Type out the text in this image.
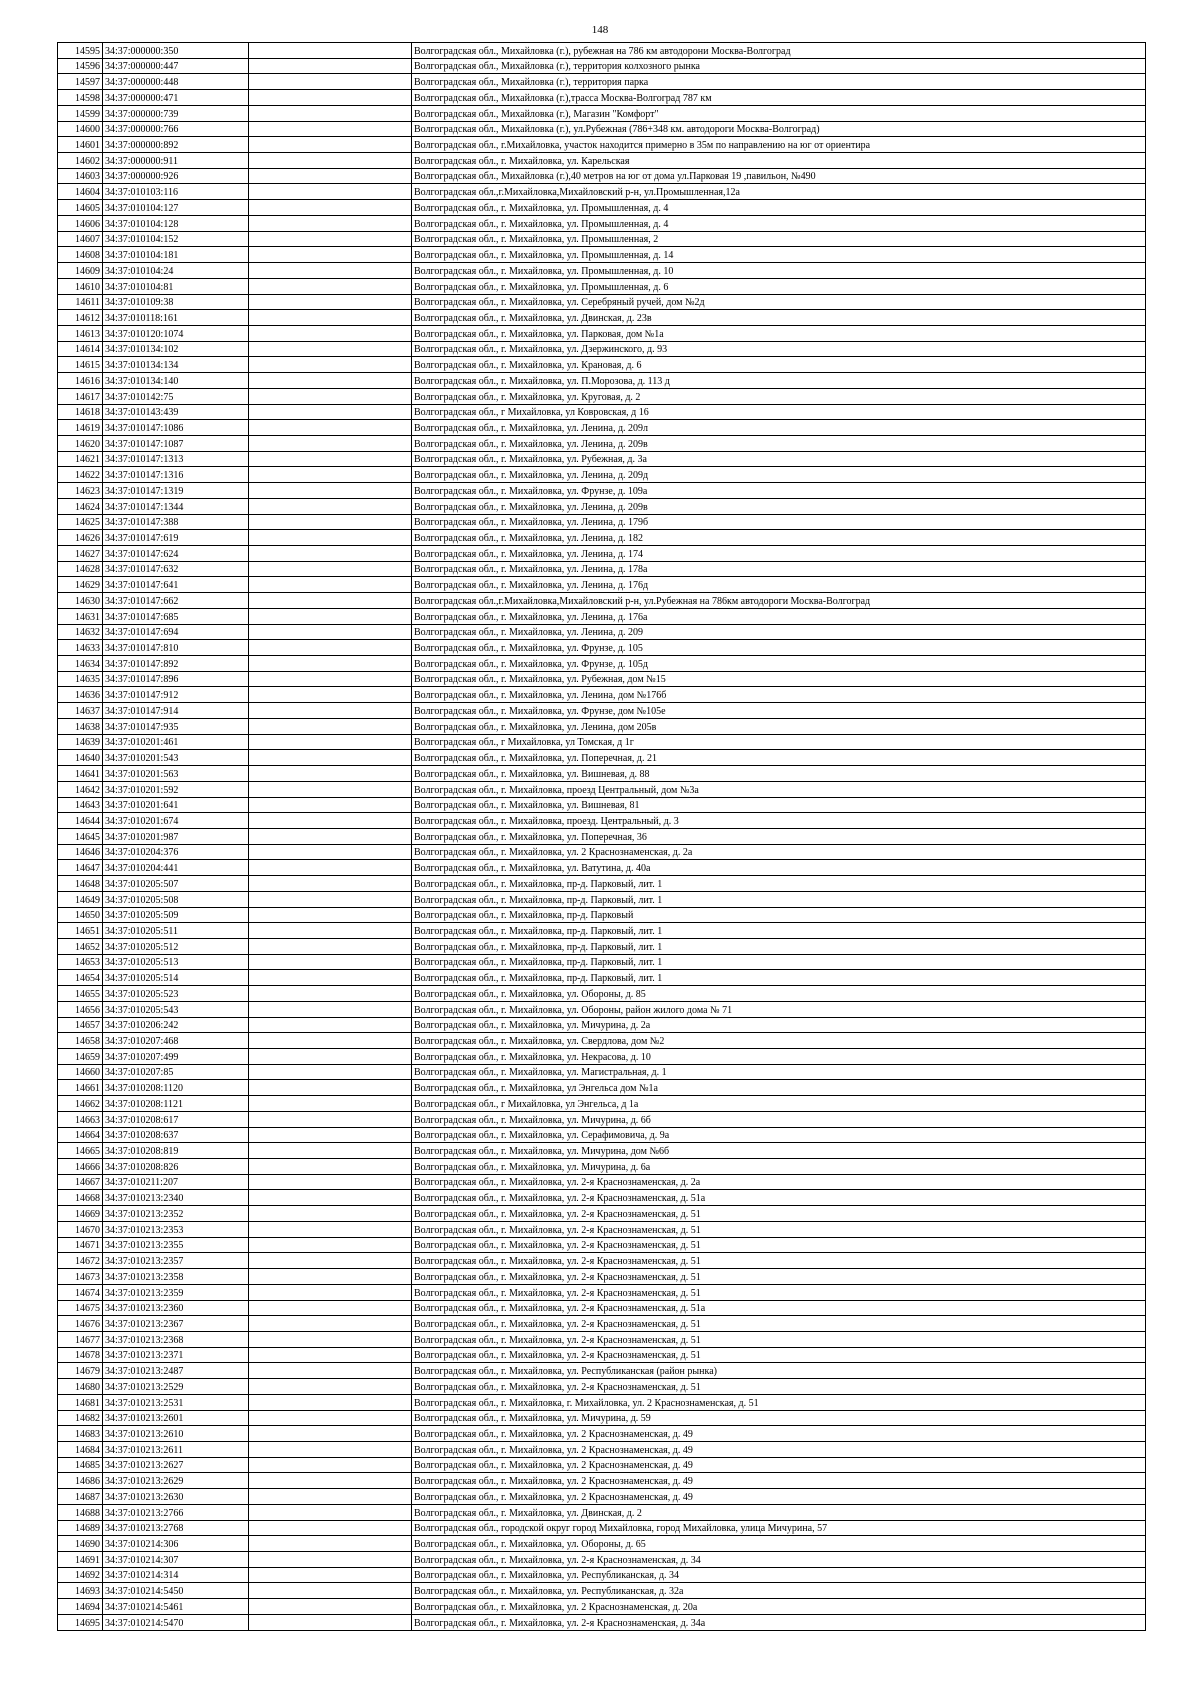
148
14595	34:37:000000:350		Волгоградская обл., Михайловка (г.), рубежная на 786 км автодорони Москва-Волгоград
14596	34:37:000000:447		Волгоградская обл., Михайловка (г.), территория колхозного рынка
14597	34:37:000000:448		Волгоградская обл., Михайловка (г.), территория парка
14598	34:37:000000:471		Волгоградская обл., Михайловка (г.),трасса Москва-Волгоград 787 км
14599	34:37:000000:739		Волгоградская обл., Михайловка (г.), Магазин "Комфорт"
14600	34:37:000000:766		Волгоградская обл., Михайловка (г.), ул.Рубежная (786+348 км. автодороги Москва-Волгоград)
14601	34:37:000000:892		Волгоградская обл., г.Михайловка, участок находится примерно в 35м по направлению на юг от ориентира
14602	34:37:000000:911		Волгоградская обл., г. Михайловка, ул. Карельская
14603	34:37:000000:926		Волгоградская обл., Михайловка (г.),40 метров на юг от дома ул.Парковая 19 ,павильон, №490
14604	34:37:010103:116		Волгоградская обл.,г.Михайловка,Михайловский р-н, ул.Промышленная,12а
14605	34:37:010104:127		Волгоградская обл., г. Михайловка, ул. Промышленная, д. 4
14606	34:37:010104:128		Волгоградская обл., г. Михайловка, ул. Промышленная, д. 4
14607	34:37:010104:152		Волгоградская обл., г. Михайловка, ул. Промышленная, 2
14608	34:37:010104:181		Волгоградская обл., г. Михайловка, ул. Промышленная, д. 14
14609	34:37:010104:24		Волгоградская обл., г. Михайловка, ул. Промышленная, д. 10
14610	34:37:010104:81		Волгоградская обл., г. Михайловка, ул. Промышленная, д. 6
14611	34:37:010109:38		Волгоградская обл., г. Михайловка, ул. Серебряный ручей, дом №2д
14612	34:37:010118:161		Волгоградская обл., г. Михайловка, ул. Двинская, д. 23в
14613	34:37:010120:1074		Волгоградская обл., г. Михайловка, ул. Парковая, дом №1а
14614	34:37:010134:102		Волгоградская обл., г. Михайловка, ул. Дзержинского, д. 93
14615	34:37:010134:134		Волгоградская обл., г. Михайловка, ул. Крановая, д. 6
14616	34:37:010134:140		Волгоградская обл., г. Михайловка, ул. П.Морозова, д. 113 д
14617	34:37:010142:75		Волгоградская обл., г. Михайловка, ул. Круговая, д. 2
14618	34:37:010143:439		Волгоградская обл., г Михайловка, ул Ковровская, д 16
14619	34:37:010147:1086		Волгоградская обл., г. Михайловка, ул. Ленина, д. 209л
14620	34:37:010147:1087		Волгоградская обл., г. Михайловка, ул. Ленина, д. 209в
14621	34:37:010147:1313		Волгоградская обл., г. Михайловка, ул. Рубежная, д. 3а
14622	34:37:010147:1316		Волгоградская обл., г. Михайловка, ул. Ленина, д. 209д
14623	34:37:010147:1319		Волгоградская обл., г. Михайловка, ул. Фрунзе, д. 109а
14624	34:37:010147:1344		Волгоградская обл., г. Михайловка, ул. Ленина, д. 209в
14625	34:37:010147:388		Волгоградская обл., г. Михайловка, ул. Ленина, д. 179б
14626	34:37:010147:619		Волгоградская обл., г. Михайловка, ул. Ленина, д. 182
14627	34:37:010147:624		Волгоградская обл., г. Михайловка, ул. Ленина, д. 174
14628	34:37:010147:632		Волгоградская обл., г. Михайловка, ул. Ленина, д. 178а
14629	34:37:010147:641		Волгоградская обл., г. Михайловка, ул. Ленина, д. 176д
14630	34:37:010147:662		Волгоградская обл.,г.Михайловка,Михайловский р-н, ул.Рубежная на 786км автодороги Москва-Волгоград
14631	34:37:010147:685		Волгоградская обл., г. Михайловка, ул. Ленина, д. 176а
14632	34:37:010147:694		Волгоградская обл., г. Михайловка, ул. Ленина, д. 209
14633	34:37:010147:810		Волгоградская обл., г. Михайловка, ул. Фрунзе, д. 105
14634	34:37:010147:892		Волгоградская обл., г. Михайловка, ул. Фрунзе, д. 105д
14635	34:37:010147:896		Волгоградская обл., г. Михайловка, ул. Рубежная, дом №15
14636	34:37:010147:912		Волгоградская обл., г. Михайловка, ул. Ленина, дом №176б
14637	34:37:010147:914		Волгоградская обл., г. Михайловка, ул. Фрунзе, дом №105е
14638	34:37:010147:935		Волгоградская обл., г. Михайловка, ул. Ленина, дом 205в
14639	34:37:010201:461		Волгоградская обл., г Михайловка, ул Томская, д 1г
14640	34:37:010201:543		Волгоградская обл., г. Михайловка, ул. Поперечная, д. 21
14641	34:37:010201:563		Волгоградская обл., г. Михайловка, ул. Вишневая, д. 88
14642	34:37:010201:592		Волгоградская обл., г. Михайловка, проезд Центральный, дом №3а
14643	34:37:010201:641		Волгоградская обл., г. Михайловка, ул. Вишневая, 81
14644	34:37:010201:674		Волгоградская обл., г. Михайловка, проезд. Центральный, д. 3
14645	34:37:010201:987		Волгоградская обл., г. Михайловка, ул. Поперечная, 36
14646	34:37:010204:376		Волгоградская обл., г. Михайловка, ул. 2 Краснознаменская, д. 2а
14647	34:37:010204:441		Волгоградская обл., г. Михайловка, ул. Ватутина, д. 40а
14648	34:37:010205:507		Волгоградская обл., г. Михайловка, пр-д. Парковый, лит. 1
14649	34:37:010205:508		Волгоградская обл., г. Михайловка, пр-д. Парковый, лит. 1
14650	34:37:010205:509		Волгоградская обл., г. Михайловка, пр-д. Парковый
14651	34:37:010205:511		Волгоградская обл., г. Михайловка, пр-д. Парковый, лит. 1
14652	34:37:010205:512		Волгоградская обл., г. Михайловка, пр-д. Парковый, лит. 1
14653	34:37:010205:513		Волгоградская обл., г. Михайловка, пр-д. Парковый, лит. 1
14654	34:37:010205:514		Волгоградская обл., г. Михайловка, пр-д. Парковый, лит. 1
14655	34:37:010205:523		Волгоградская обл., г. Михайловка, ул. Обороны, д. 85
14656	34:37:010205:543		Волгоградская обл., г. Михайловка, ул. Обороны, район жилого дома № 71
14657	34:37:010206:242		Волгоградская обл., г. Михайловка, ул. Мичурина, д. 2а
14658	34:37:010207:468		Волгоградская обл., г. Михайловка, ул. Свердлова, дом №2
14659	34:37:010207:499		Волгоградская обл., г. Михайловка, ул. Некрасова, д. 10
14660	34:37:010207:85		Волгоградская обл., г. Михайловка, ул. Магистральная, д. 1
14661	34:37:010208:1120		Волгоградская обл., г. Михайловка, ул Энгельса дом №1а
14662	34:37:010208:1121		Волгоградская обл., г Михайловка, ул Энгельса, д 1а
14663	34:37:010208:617		Волгоградская обл., г. Михайловка, ул. Мичурина, д. 6б
14664	34:37:010208:637		Волгоградская обл., г. Михайловка, ул. Серафимовича, д. 9а
14665	34:37:010208:819		Волгоградская обл., г. Михайловка, ул. Мичурина, дом №6б
14666	34:37:010208:826		Волгоградская обл., г. Михайловка, ул. Мичурина, д. 6а
14667	34:37:010211:207		Волгоградская обл., г. Михайловка, ул. 2-я Краснознаменская, д. 2а
14668	34:37:010213:2340		Волгоградская обл., г. Михайловка, ул. 2-я Краснознаменская, д. 51а
14669	34:37:010213:2352		Волгоградская обл., г. Михайловка, ул. 2-я Краснознаменская, д. 51
14670	34:37:010213:2353		Волгоградская обл., г. Михайловка, ул. 2-я Краснознаменская, д. 51
14671	34:37:010213:2355		Волгоградская обл., г. Михайловка, ул. 2-я Краснознаменская, д. 51
14672	34:37:010213:2357		Волгоградская обл., г. Михайловка, ул. 2-я Краснознаменская, д. 51
14673	34:37:010213:2358		Волгоградская обл., г. Михайловка, ул. 2-я Краснознаменская, д. 51
14674	34:37:010213:2359		Волгоградская обл., г. Михайловка, ул. 2-я Краснознаменская, д. 51
14675	34:37:010213:2360		Волгоградская обл., г. Михайловка, ул. 2-я Краснознаменская, д. 51а
14676	34:37:010213:2367		Волгоградская обл., г. Михайловка, ул. 2-я Краснознаменская, д. 51
14677	34:37:010213:2368		Волгоградская обл., г. Михайловка, ул. 2-я Краснознаменская, д. 51
14678	34:37:010213:2371		Волгоградская обл., г. Михайловка, ул. 2-я Краснознаменская, д. 51
14679	34:37:010213:2487		Волгоградская обл., г. Михайловка, ул. Республиканская (район рынка)
14680	34:37:010213:2529		Волгоградская обл., г. Михайловка, ул. 2-я Краснознаменская, д. 51
14681	34:37:010213:2531		Волгоградская обл., г. Михайловка, г. Михайловка, ул. 2 Краснознаменская, д. 51
14682	34:37:010213:2601		Волгоградская обл., г. Михайловка, ул. Мичурина, д. 59
14683	34:37:010213:2610		Волгоградская обл., г. Михайловка, ул. 2 Краснознаменская, д. 49
14684	34:37:010213:2611		Волгоградская обл., г. Михайловка, ул. 2 Краснознаменская, д. 49
14685	34:37:010213:2627		Волгоградская обл., г. Михайловка, ул. 2 Краснознаменская, д. 49
14686	34:37:010213:2629		Волгоградская обл., г. Михайловка, ул. 2 Краснознаменская, д. 49
14687	34:37:010213:2630		Волгоградская обл., г. Михайловка, ул. 2 Краснознаменская, д. 49
14688	34:37:010213:2766		Волгоградская обл., г. Михайловка, ул. Двинская, д. 2
14689	34:37:010213:2768		Волгоградская обл., городской округ город Михайловка, город Михайловка, улица Мичурина, 57
14690	34:37:010214:306		Волгоградская обл., г. Михайловка, ул. Обороны, д. 65
14691	34:37:010214:307		Волгоградская обл., г. Михайловка, ул. 2-я Краснознаменская, д. 34
14692	34:37:010214:314		Волгоградская обл., г. Михайловка, ул. Республиканская, д. 34
14693	34:37:010214:5450		Волгоградская обл., г. Михайловка, ул. Республиканская, д. 32а
14694	34:37:010214:5461		Волгоградская обл., г. Михайловка, ул. 2 Краснознаменская, д. 20а
14695	34:37:010214:5470		Волгоградская обл., г. Михайловка, ул. 2-я Краснознаменская, д. 34а
